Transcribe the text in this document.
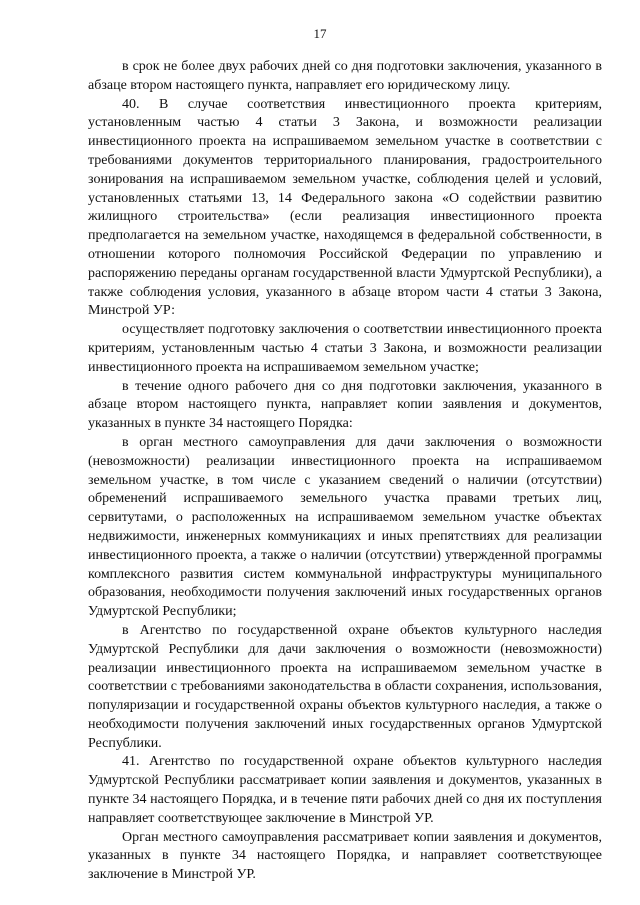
17

в срок не более двух рабочих дней со дня подготовки заключения, указанного в абзаце втором настоящего пункта, направляет его юридическому лицу.

40. В случае соответствия инвестиционного проекта критериям, установленным частью 4 статьи 3 Закона, и возможности реализации инвестиционного проекта на испрашиваемом земельном участке в соответствии с требованиями документов территориального планирования, градостроительного зонирования на испрашиваемом земельном участке, соблюдения целей и условий, установленных статьями 13, 14 Федерального закона «О содействии развитию жилищного строительства» (если реализация инвестиционного проекта предполагается на земельном участке, находящемся в федеральной собственности, в отношении которого полномочия Российской Федерации по управлению и распоряжению переданы органам государственной власти Удмуртской Республики), а также соблюдения условия, указанного в абзаце втором части 4 статьи 3 Закона, Минстрой УР:

осуществляет подготовку заключения о соответствии инвестиционного проекта критериям, установленным частью 4 статьи 3 Закона, и возможности реализации инвестиционного проекта на испрашиваемом земельном участке;

в течение одного рабочего дня со дня подготовки заключения, указанного в абзаце втором настоящего пункта, направляет копии заявления и документов, указанных в пункте 34 настоящего Порядка:

в орган местного самоуправления для дачи заключения о возможности (невозможности) реализации инвестиционного проекта на испрашиваемом земельном участке, в том числе с указанием сведений о наличии (отсутствии) обременений испрашиваемого земельного участка правами третьих лиц, сервитутами, о расположенных на испрашиваемом земельном участке объектах недвижимости, инженерных коммуникациях и иных препятствиях для реализации инвестиционного проекта, а также о наличии (отсутствии) утвержденной программы комплексного развития систем коммунальной инфраструктуры муниципального образования, необходимости получения заключений иных государственных органов Удмуртской Республики;

в Агентство по государственной охране объектов культурного наследия Удмуртской Республики для дачи заключения о возможности (невозможности) реализации инвестиционного проекта на испрашиваемом земельном участке в соответствии с требованиями законодательства в области сохранения, использования, популяризации и государственной охраны объектов культурного наследия, а также о необходимости получения заключений иных государственных органов Удмуртской Республики.

41. Агентство по государственной охране объектов культурного наследия Удмуртской Республики рассматривает копии заявления и документов, указанных в пункте 34 настоящего Порядка, и в течение пяти рабочих дней со дня их поступления направляет соответствующее заключение в Минстрой УР.

Орган местного самоуправления рассматривает копии заявления и документов, указанных в пункте 34 настоящего Порядка, и направляет соответствующее заключение в Минстрой УР.
